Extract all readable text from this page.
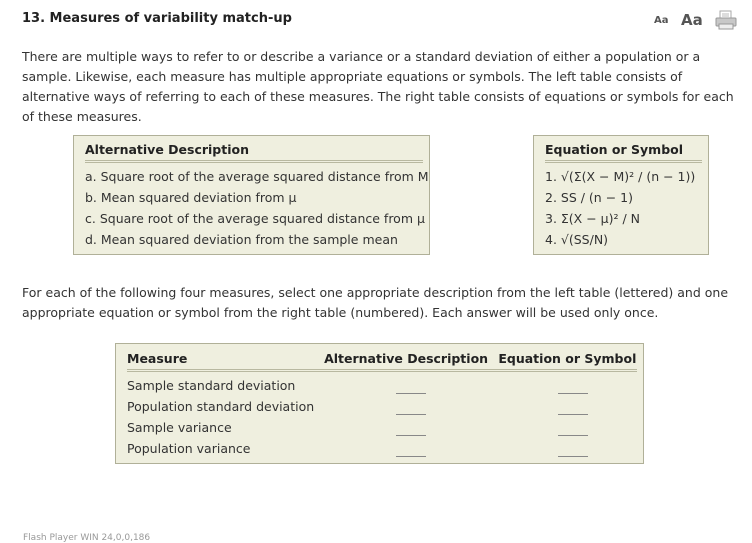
13. Measures of variability match-up	Aa Aa
There are multiple ways to refer to or describe a variance or a standard deviation of either a population or a sample. Likewise, each measure has multiple appropriate equations or symbols. The left table consists of alternative ways of referring to each of these measures. The right table consists of equations or symbols for each of these measures.
Alternative Description
a. Square root of the average squared distance from M
b. Mean squared deviation from μ
c. Square root of the average squared distance from μ
d. Mean squared deviation from the sample mean
Equation or Symbol
1. √(Σ(X − M)² / (n − 1))
2. SS / (n − 1)
3. Σ(X − μ)² / N
4. √(SS/N)
For each of the following four measures, select one appropriate description from the left table (lettered) and one appropriate equation or symbol from the right table (numbered). Each answer will be used only once.
Measure	Alternative Description Equation or Symbol
Sample standard deviation
Population standard deviation
Sample variance
Population variance
Flash Player WIN 24,0,0,186
